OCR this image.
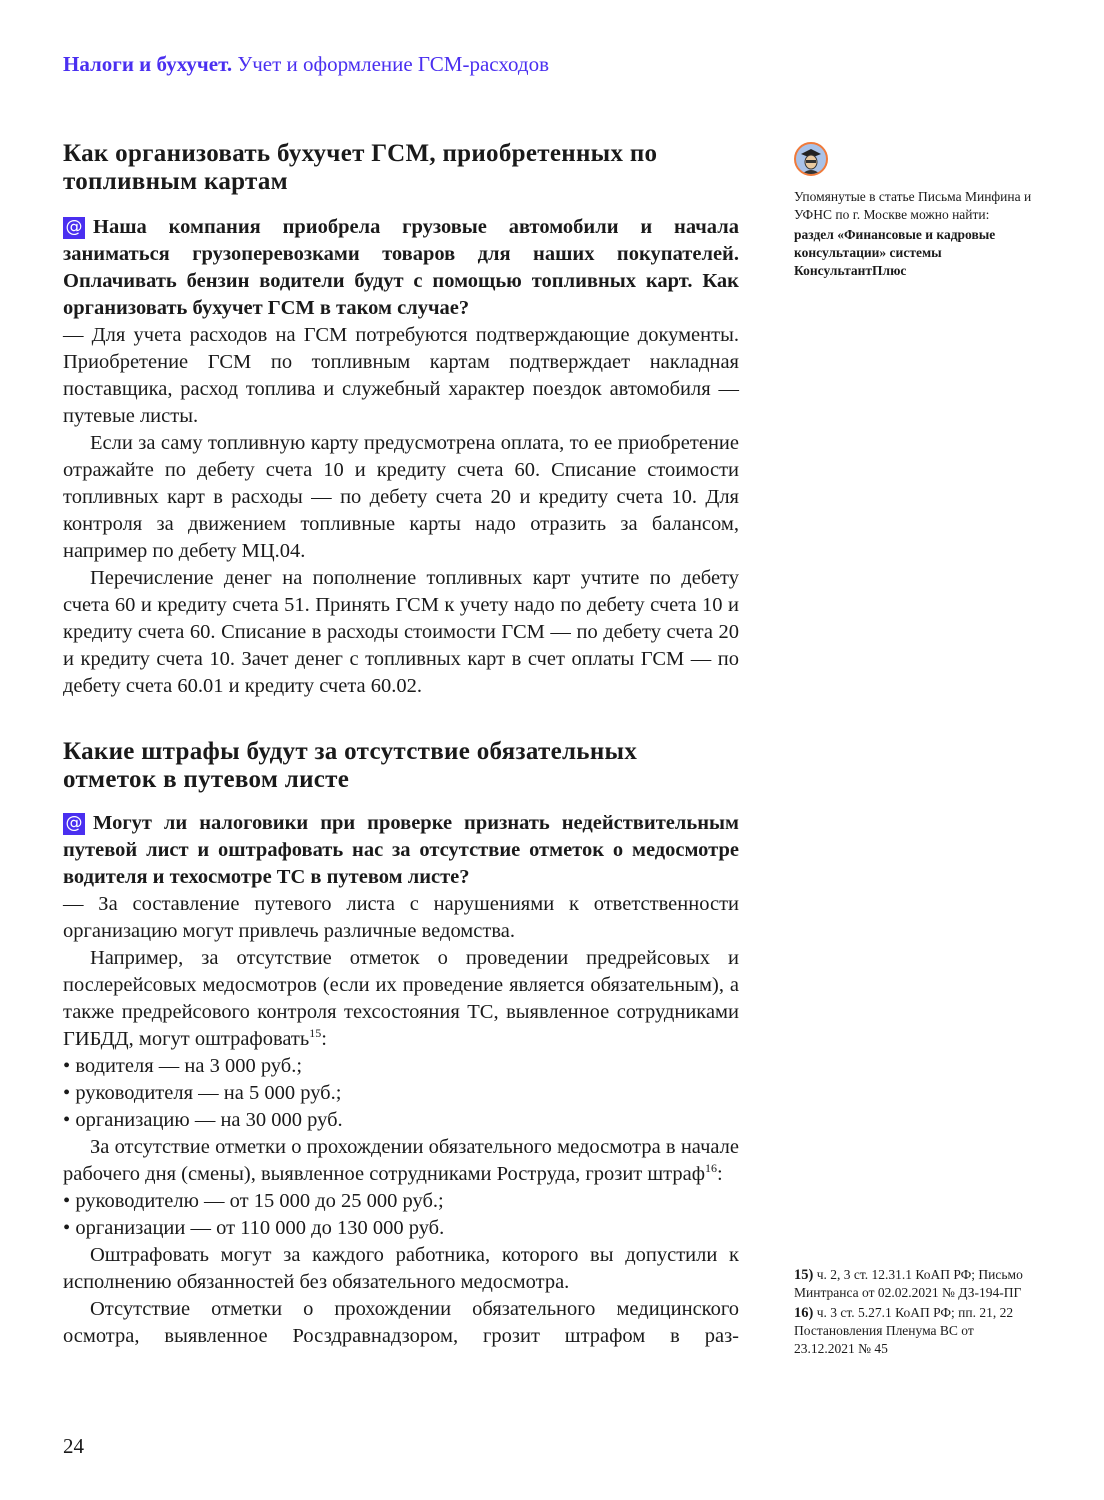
Налоги и бухучет. Учет и оформление ГСМ-расходов
Как организовать бухучет ГСМ, приобретенных по топливным картам
@ Наша компания приобрела грузовые автомобили и начала заниматься грузоперевозками товаров для наших покупателей. Оплачивать бензин водители будут с помощью топливных карт. Как организовать бухучет ГСМ в таком случае?

— Для учета расходов на ГСМ потребуются подтверждающие документы. Приобретение ГСМ по топливным картам подтверждает накладная поставщика, расход топлива и служебный характер поездок автомобиля — путевые листы.

Если за саму топливную карту предусмотрена оплата, то ее приобретение отражайте по дебету счета 10 и кредиту счета 60. Списание стоимости топливных карт в расходы — по дебету счета 20 и кредиту счета 10. Для контроля за движением топливные карты надо отразить за балансом, например по дебету МЦ.04.

Перечисление денег на пополнение топливных карт учтите по дебету счета 60 и кредиту счета 51. Принять ГСМ к учету надо по дебету счета 10 и кредиту счета 60. Списание в расходы стоимости ГСМ — по дебету счета 20 и кредиту счета 10. Зачет денег с топливных карт в счет оплаты ГСМ — по дебету счета 60.01 и кредиту счета 60.02.

Какие штрафы будут за отсутствие обязательных отметок в путевом листе
@ Могут ли налоговики при проверке признать недействительным путевой лист и оштрафовать нас за отсутствие отметок о медосмотре водителя и техосмотре ТС в путевом листе?

— За составление путевого листа с нарушениями к ответственности организацию могут привлечь различные ведомства.

Например, за отсутствие отметок о проведении предрейсовых и послерейсовых медосмотров (если их проведение является обязательным), а также предрейсового контроля техсостояния ТС, выявленное сотрудниками ГИБДД, могут оштрафовать$^{15}$:

• водителя — на 3 000 руб.;
• руководителя — на 5 000 руб.;
• организацию — на 30 000 руб.

За отсутствие отметки о прохождении обязательного медосмотра в начале рабочего дня (смены), выявленное сотрудниками Роструда, грозит штраф$^{16}$:

• руководителю — от 15 000 до 25 000 руб.;
• организации — от 110 000 до 130 000 руб.

Оштрафовать могут за каждого работника, которого вы допустили к исполнению обязанностей без обязательного медосмотра.

Отсутствие отметки о прохождении обязательного медицинского осмотра, выявленное Росздравнадзором, грозит штрафом в раз-

Упомянутые в статье Письма Минфина и УФНС по г. Москве можно найти:
раздел «Финансовые и кадровые консультации» системы КонсультантПлюс
15) ч. 2, 3 ст. 12.31.1 КоАП РФ; Письмо Минтранса от 02.02.2021 № ДЗ-194-ПГ
16) ч. 3 ст. 5.27.1 КоАП РФ; пп. 21, 22 Постановления Пленума ВС от 23.12.2021 № 45
24
